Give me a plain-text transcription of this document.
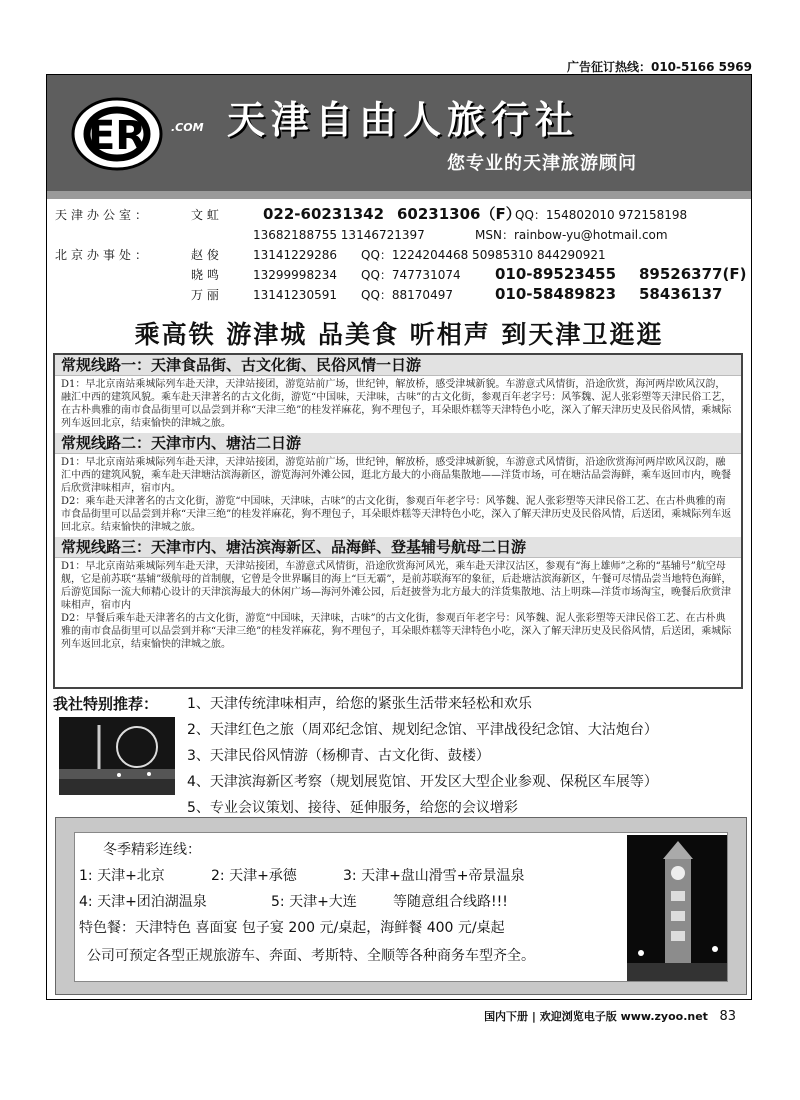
广告征订热线：010-5166 5969
ER .COM 天津自由人旅行社
您专业的天津旅游顾问
天津办公室：	文 虹	022-60231342 60231306（F）
QQ：154802010 972158198
13682188755 13146721397	MSN：rainbow-yu@hotmail.com
北京办事处：	赵 俊	13141229286 QQ：1224204468 50985310 844290921
晓 鸣	13299998234 QQ：747731074 010-89523455 89526377(F)
万 丽	13141230591 QQ：88170497	010-58489823 58436137
乘高铁 游津城 品美食 听相声 到天津卫逛逛
常规线路一：天津食品街、古文化街、民俗风情一日游

D1：早北京南站乘城际列车赴天津，天津站接团，游览站前广场，世纪钟，解放桥，感受津城新貌。车游意式风情街，沿途欣赏，海河两岸欧风汉韵，融汇中西的建筑风貌。乘车赴天津著名的古文化街，游览“中国味，天津味，古味”的古文化街，参观百年老字号：风筝魏、泥人张彩塑等天津民俗工艺，在古朴典雅的南市食品街里可以品尝到并称“天津三绝”的桂发祥麻花，狗不理包子，耳朵眼炸糕等天津特色小吃，深入了解天津历史及民俗风情，乘城际列车返回北京，结束愉快的津城之旅。

常规线路二：天津市内、塘沽二日游

D1：早北京南站乘城际列车赴天津，天津站接团，游览站前广场，世纪钟，解放桥，感受津城新貌，车游意式风情街，沿途欣赏海河两岸欧风汉韵，融汇中西的建筑风貌，乘车赴天津塘沽滨海新区，游览海河外滩公园，逛北方最大的小商品集散地——洋货市场，可在塘沽品尝海鲜，乘车返回市内，晚餐后欣赏津味相声，宿市内。

D2：乘车赴天津著名的古文化街，游览“中国味，天津味，古味”的古文化街，参观百年老字号：风筝魏、泥人张彩塑等天津民俗工艺、在古朴典雅的南市食品街里可以品尝到并称“天津三绝”的桂发祥麻花，狗不理包子，耳朵眼炸糕等天津特色小吃，深入了解天津历史及民俗风情，后送团，乘城际列车返回北京。结束愉快的津城之旅。

常规线路三：天津市内、塘沽滨海新区、品海鲜、登基辅号航母二日游

D1：早北京南站乘城际列车赴天津，天津站接团，车游意式风情街，沿途欣赏海河风光，乘车赴天津汉沽区，参观有“海上雄师”之称的“基辅号”航空母舰，它是前苏联“基辅”级航母的首制舰，它曾是令世界瞩目的海上“巨无霸”，是前苏联海军的象征，后赴塘沽滨海新区，午餐可尽情品尝当地特色海鲜，后游览国际一流大师精心设计的天津滨海最大的休闲广场—海河外滩公园，后赶披誉为北方最大的洋货集散地、沽上明珠—洋货市场淘宝，晚餐后欣赏津味相声，宿市内

D2：早餐后乘车赴天津著名的古文化街，游览“中国味，天津味，古味”的古文化街，参观百年老字号：风筝魏、泥人张彩塑等天津民俗工艺、在古朴典雅的南市食品街里可以品尝到并称“天津三绝”的桂发祥麻花，狗不理包子，耳朵眼炸糕等天津特色小吃，深入了解天津历史及民俗风情，后送团，乘城际列车返回北京，结束愉快的津城之旅。

我社特别推荐： 1、天津传统津味相声，给您的紧张生活带来轻松和欢乐
2、天津红色之旅（周邓纪念馆、规划纪念馆、平津战役纪念馆、大沽炮台）
3、天津民俗风情游（杨柳青、古文化街、鼓楼）
4、天津滨海新区考察（规划展览馆、开发区大型企业参观、保税区车展等）
5、专业会议策划、接待、延伸服务，给您的会议增彩
冬季精彩连线：
1: 天津+北京	2: 天津+承德	3: 天津+盘山滑雪+帝景温泉
4: 天津+团泊湖温泉	5: 天津+大连	等随意组合线路!!!
特色餐：天津特色 喜面宴 包子宴 200 元/桌起，海鲜餐 400 元/桌起
公司可预定各型正规旅游车、奔面、考斯特、全顺等各种商务车型齐全。
国内下册 | 欢迎浏览电子版 www.zyoo.net 83
